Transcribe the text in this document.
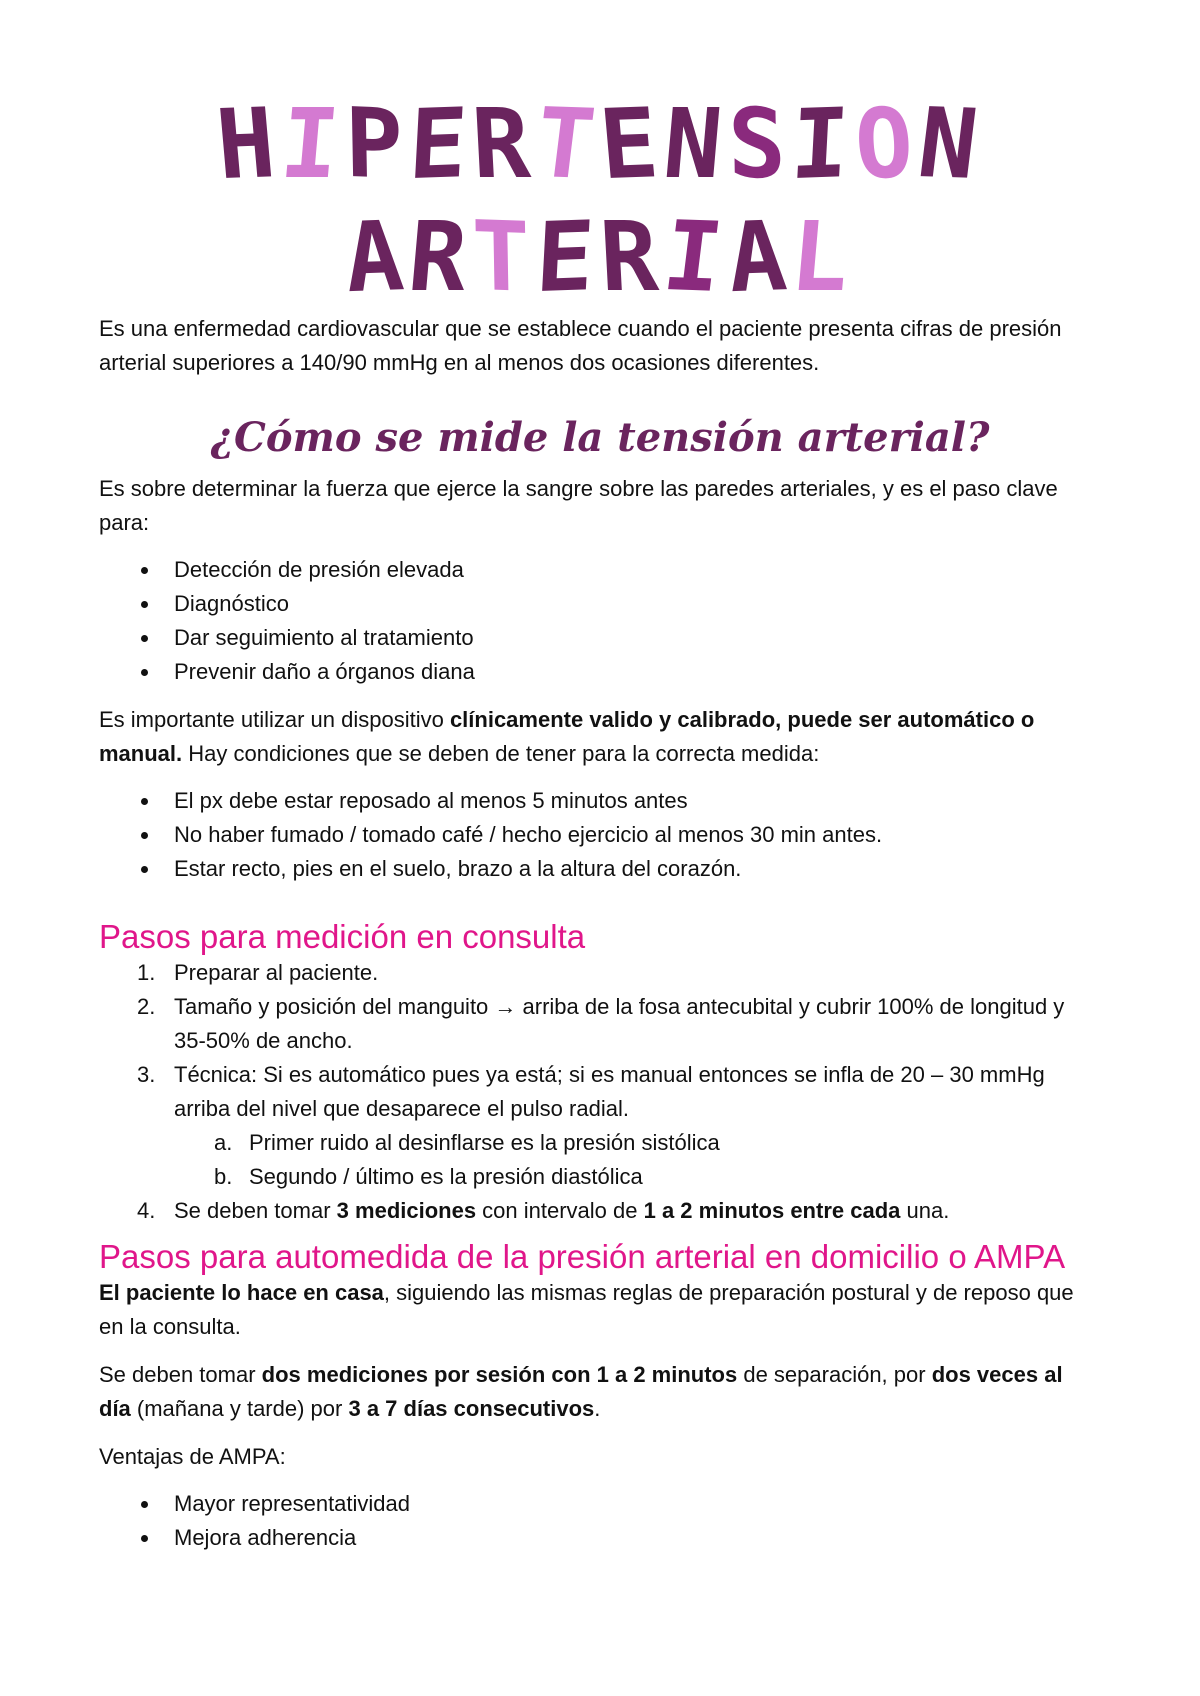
HIPERTENSION
ARTERIAL

Es una enfermedad cardiovascular que se establece cuando el paciente presenta cifras de presión arterial superiores a 140/90 mmHg en al menos dos ocasiones diferentes.

¿Cómo se mide la tensión arterial?

Es sobre determinar la fuerza que ejerce la sangre sobre las paredes arteriales, y es el paso clave para:

Detección de presión elevada
Diagnóstico
Dar seguimiento al tratamiento
Prevenir daño a órganos diana

Es importante utilizar un dispositivo clínicamente valido y calibrado, puede ser automático o manual. Hay condiciones que se deben de tener para la correcta medida:

El px debe estar reposado al menos 5 minutos antes
No haber fumado / tomado café / hecho ejercicio al menos 30 min antes.
Estar recto, pies en el suelo, brazo a la altura del corazón.
Pasos para medición en consulta
1. Preparar al paciente.
2. Tamaño y posición del manguito → arriba de la fosa antecubital y cubrir 100% de longitud y 35-50% de ancho.
3. Técnica: Si es automático pues ya está; si es manual entonces se infla de 20 – 30 mmHg arriba del nivel que desaparece el pulso radial.
a. Primer ruido al desinflarse es la presión sistólica
b. Segundo / último es la presión diastólica
4. Se deben tomar 3 mediciones con intervalo de 1 a 2 minutos entre cada una.
Pasos para automedida de la presión arterial en domicilio o AMPA

El paciente lo hace en casa, siguiendo las mismas reglas de preparación postural y de reposo que en la consulta.

Se deben tomar dos mediciones por sesión con 1 a 2 minutos de separación, por dos veces al día (mañana y tarde) por 3 a 7 días consecutivos.

Ventajas de AMPA:

Mayor representatividad
Mejora adherencia
